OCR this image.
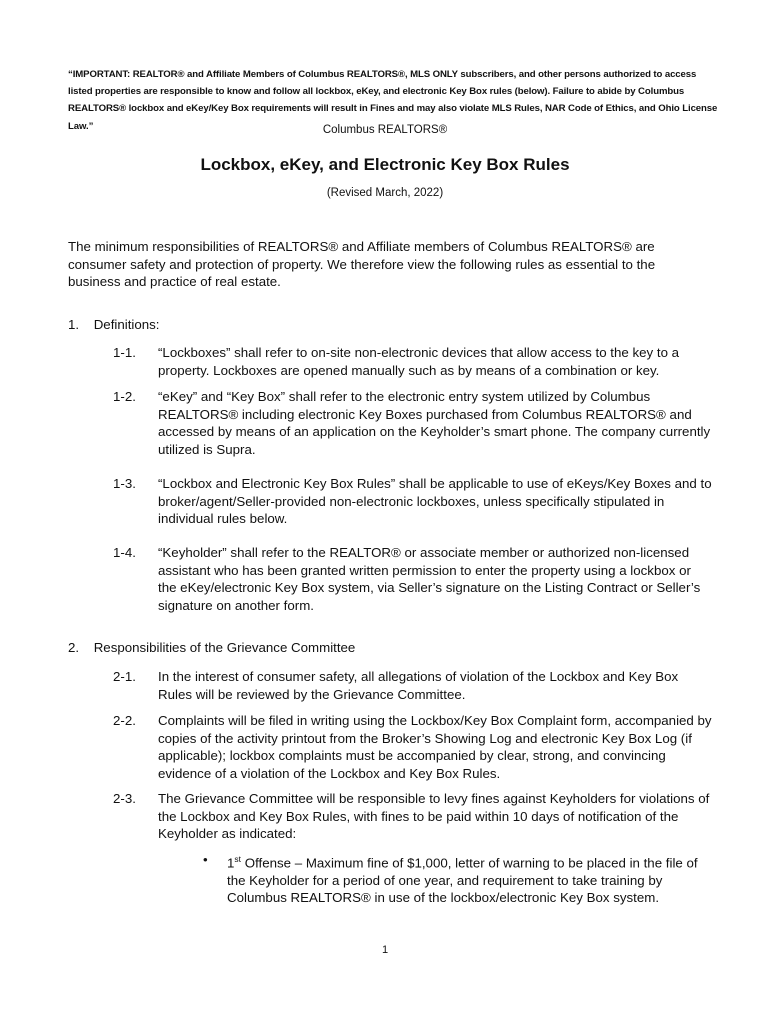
“IMPORTANT: REALTOR® and Affiliate Members of Columbus REALTORS®, MLS ONLY subscribers, and other persons authorized to access listed properties are responsible to know and follow all lockbox, eKey, and electronic Key Box rules (below). Failure to abide by Columbus REALTORS® lockbox and eKey/Key Box requirements will result in Fines and may also violate MLS Rules, NAR Code of Ethics, and Ohio License Law.”	Columbus REALTORS®
Lockbox, eKey, and Electronic Key Box Rules
(Revised March, 2022)
The minimum responsibilities of REALTORS® and Affiliate members of Columbus REALTORS® are consumer safety and protection of property. We therefore view the following rules as essential to the business and practice of real estate.
1. Definitions:
1-1. “Lockboxes” shall refer to on-site non-electronic devices that allow access to the key to a property. Lockboxes are opened manually such as by means of a combination or key.
1-2. “eKey” and “Key Box” shall refer to the electronic entry system utilized by Columbus REALTORS® including electronic Key Boxes purchased from Columbus REALTORS® and accessed by means of an application on the Keyholder’s smart phone. The company currently utilized is Supra.
1-3. “Lockbox and Electronic Key Box Rules” shall be applicable to use of eKeys/Key Boxes and to broker/agent/Seller-provided non-electronic lockboxes, unless specifically stipulated in individual rules below.
1-4. “Keyholder” shall refer to the REALTOR® or associate member or authorized non-licensed assistant who has been granted written permission to enter the property using a lockbox or the eKey/electronic Key Box system, via Seller’s signature on the Listing Contract or Seller’s signature on another form.
2. Responsibilities of the Grievance Committee
2-1. In the interest of consumer safety, all allegations of violation of the Lockbox and Key Box Rules will be reviewed by the Grievance Committee.
2-2. Complaints will be filed in writing using the Lockbox/Key Box Complaint form, accompanied by copies of the activity printout from the Broker’s Showing Log and electronic Key Box Log (if applicable); lockbox complaints must be accompanied by clear, strong, and convincing evidence of a violation of the Lockbox and Key Box Rules.
2-3. The Grievance Committee will be responsible to levy fines against Keyholders for violations of the Lockbox and Key Box Rules, with fines to be paid within 10 days of notification of the Keyholder as indicated:
• 1st Offense – Maximum fine of $1,000, letter of warning to be placed in the file of the Keyholder for a period of one year, and requirement to take training by Columbus REALTORS® in use of the lockbox/electronic Key Box system.
1
